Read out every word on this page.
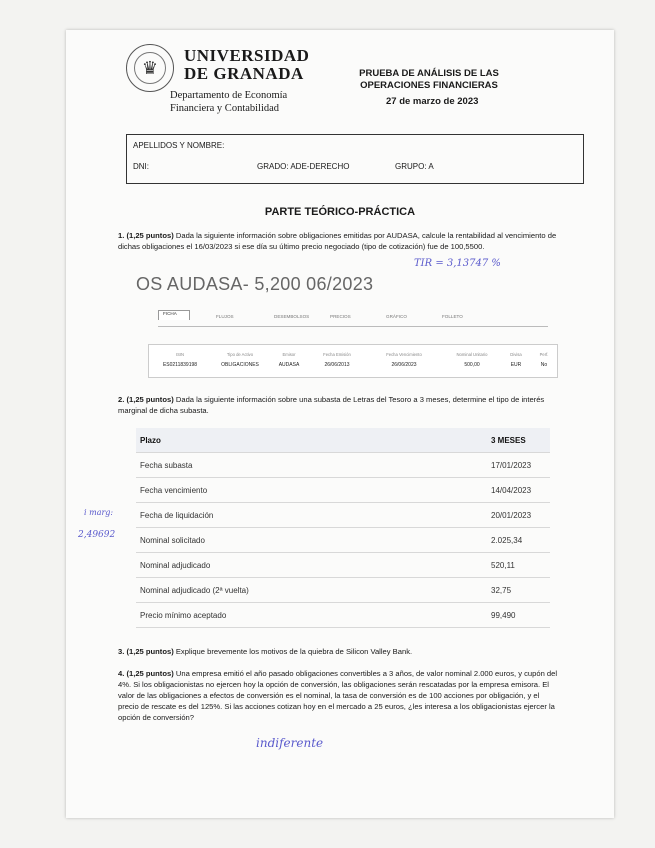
♛
UNIVERSIDAD
DE GRANADA
Departamento de Economía
Financiera y Contabilidad
PRUEBA DE ANÁLISIS DE LAS OPERACIONES FINANCIERAS
27 de marzo de 2023
APELLIDOS Y NOMBRE:
DNI:	GRADO: ADE-DERECHO	GRUPO: A
PARTE TEÓRICO-PRÁCTICA
1. (1,25 puntos) Dada la siguiente información sobre obligaciones emitidas por AUDASA, calcule la rentabilidad al vencimiento de dichas obligaciones el 16/03/2023 si ese día su último precio negociado (tipo de cotización) fue de 100,5500.
TIR = 3,13747 %
OS AUDASA- 5,200 06/2023
FICHA
FLUJOS	DESEMBOLSOS	PRECIOS	GRÁFICO	FOLLETO
ISIN	Tipo de Activo	Emisor	Fecha Emisión	Fecha Vencimiento	Nominal Unitario	Divisa	Perf.
ES0211839198	OBLIGACIONES	AUDASA	26/06/2013	26/06/2023	500,00	EUR	No
2. (1,25 puntos) Dada la siguiente información sobre una subasta de Letras del Tesoro a 3 meses, determine el tipo de interés marginal de dicha subasta.
Plazo	3 MESES
Fecha subasta	17/01/2023
Fecha vencimiento	14/04/2023
Fecha de liquidación	20/01/2023
Nominal solicitado	2.025,34
Nominal adjudicado	520,11
Nominal adjudicado (2ª vuelta)	32,75
Precio mínimo aceptado	99,490
i marg:
2,49692
3. (1,25 puntos) Explique brevemente los motivos de la quiebra de Silicon Valley Bank.
4. (1,25 puntos) Una empresa emitió el año pasado obligaciones convertibles a 3 años, de valor nominal 2.000 euros, y cupón del 4%. Si los obligacionistas no ejercen hoy la opción de conversión, las obligaciones serán rescatadas por la empresa emisora. El valor de las obligaciones a efectos de conversión es el nominal, la tasa de conversión es de 100 acciones por obligación, y el precio de rescate es del 125%. Si las acciones cotizan hoy en el mercado a 25 euros, ¿les interesa a los obligacionistas ejercer la opción de conversión?
indiferente
